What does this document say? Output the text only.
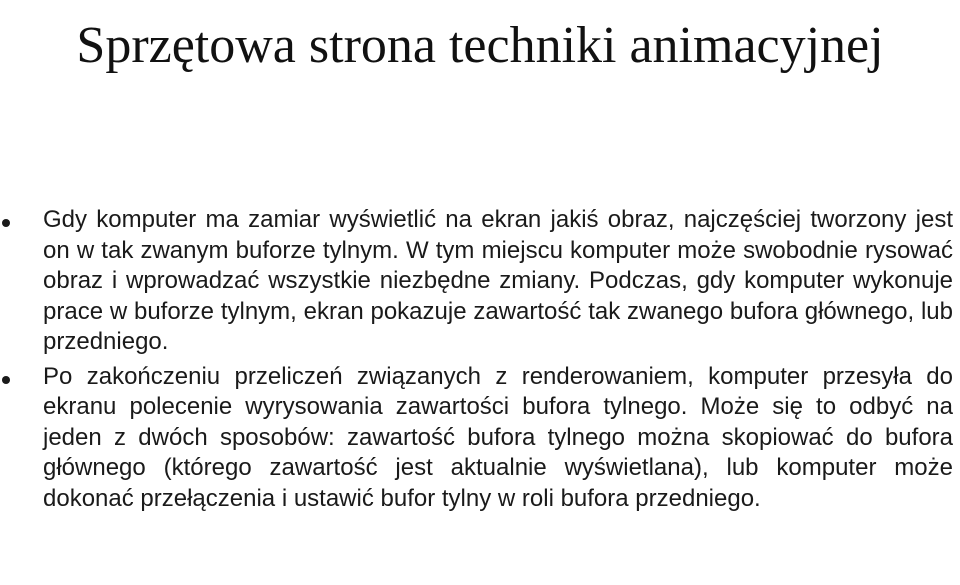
Sprzętowa strona techniki animacyjnej
Gdy komputer ma zamiar wyświetlić na ekran jakiś obraz, najczęściej tworzony jest on w tak zwanym buforze tylnym. W tym miejscu komputer może swobodnie rysować obraz i wprowadzać wszystkie niezbędne zmiany. Podczas, gdy komputer wykonuje prace w buforze tylnym, ekran pokazuje zawartość tak zwanego bufora głównego, lub przedniego.
Po zakończeniu przeliczeń związanych z renderowaniem, komputer przesyła do ekranu polecenie wyrysowania zawartości bufora tylnego. Może się to odbyć na jeden z dwóch sposobów: zawartość bufora tylnego można skopiować do bufora głównego (którego zawartość jest aktualnie wyświetlana), lub komputer może dokonać przełączenia i ustawić bufor tylny w roli bufora przedniego.
